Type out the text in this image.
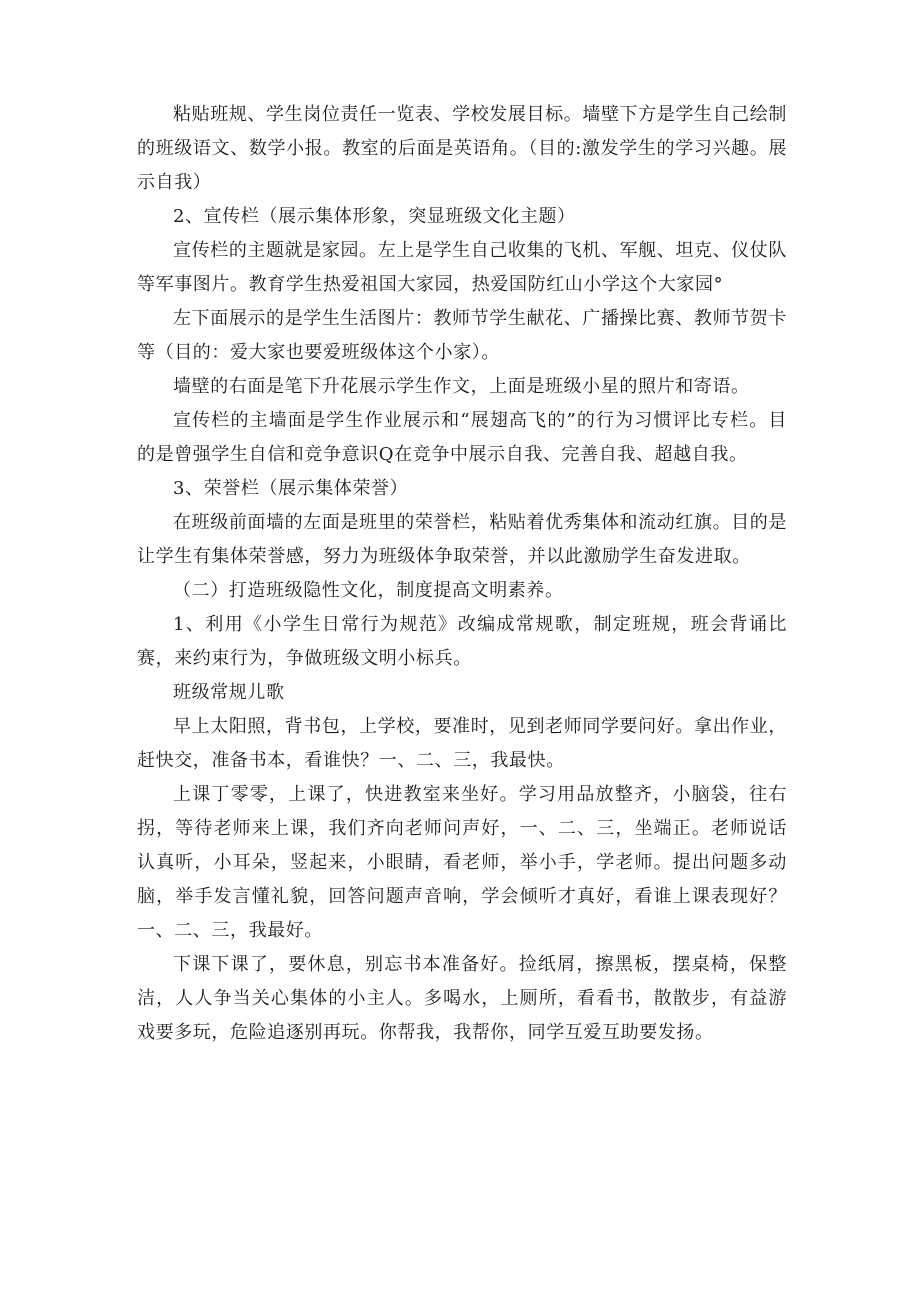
粘贴班规、学生岗位责任一览表、学校发展目标。墙壁下方是学生自己绘制的班级语文、数学小报。教室的后面是英语角。（目的:激发学生的学习兴趣。展示自我）

2、宣传栏（展示集体形象，突显班级文化主题）

宣传栏的主题就是家园。左上是学生自己收集的飞机、军舰、坦克、仪仗队等军事图片。教育学生热爱祖国大家园，热爱国防红山小学这个大家园°

左下面展示的是学生生活图片：教师节学生献花、广播操比赛、教师节贺卡等（目的：爱大家也要爱班级体这个小家）。

墙壁的右面是笔下升花展示学生作文，上面是班级小星的照片和寄语。

宣传栏的主墙面是学生作业展示和“展翅高飞的”的行为习惯评比专栏。目的是曾强学生自信和竞争意识Q在竞争中展示自我、完善自我、超越自我。

3、荣誉栏（展示集体荣誉）

在班级前面墙的左面是班里的荣誉栏，粘贴着优秀集体和流动红旗。目的是让学生有集体荣誉感，努力为班级体争取荣誉，并以此激励学生奋发进取。

（二）打造班级隐性文化，制度提高文明素养。

1、利用《小学生日常行为规范》改编成常规歌，制定班规，班会背诵比赛，来约束行为，争做班级文明小标兵。

班级常规儿歌

早上太阳照，背书包，上学校，要准时，见到老师同学要问好。拿出作业，赶快交，准备书本，看谁快？一、二、三，我最快。

上课丁零零，上课了，快进教室来坐好。学习用品放整齐，小脑袋，往右拐，等待老师来上课，我们齐向老师问声好，一、二、三，坐端正。老师说话认真听，小耳朵，竖起来，小眼睛，看老师，举小手，学老师。提出问题多动脑，举手发言懂礼貌，回答问题声音响，学会倾听才真好，看谁上课表现好？一、二、三，我最好。

下课下课了，要休息，别忘书本准备好。捡纸屑，擦黑板，摆桌椅，保整洁，人人争当关心集体的小主人。多喝水，上厕所，看看书，散散步，有益游戏要多玩，危险追逐别再玩。你帮我，我帮你，同学互爱互助要发扬。
